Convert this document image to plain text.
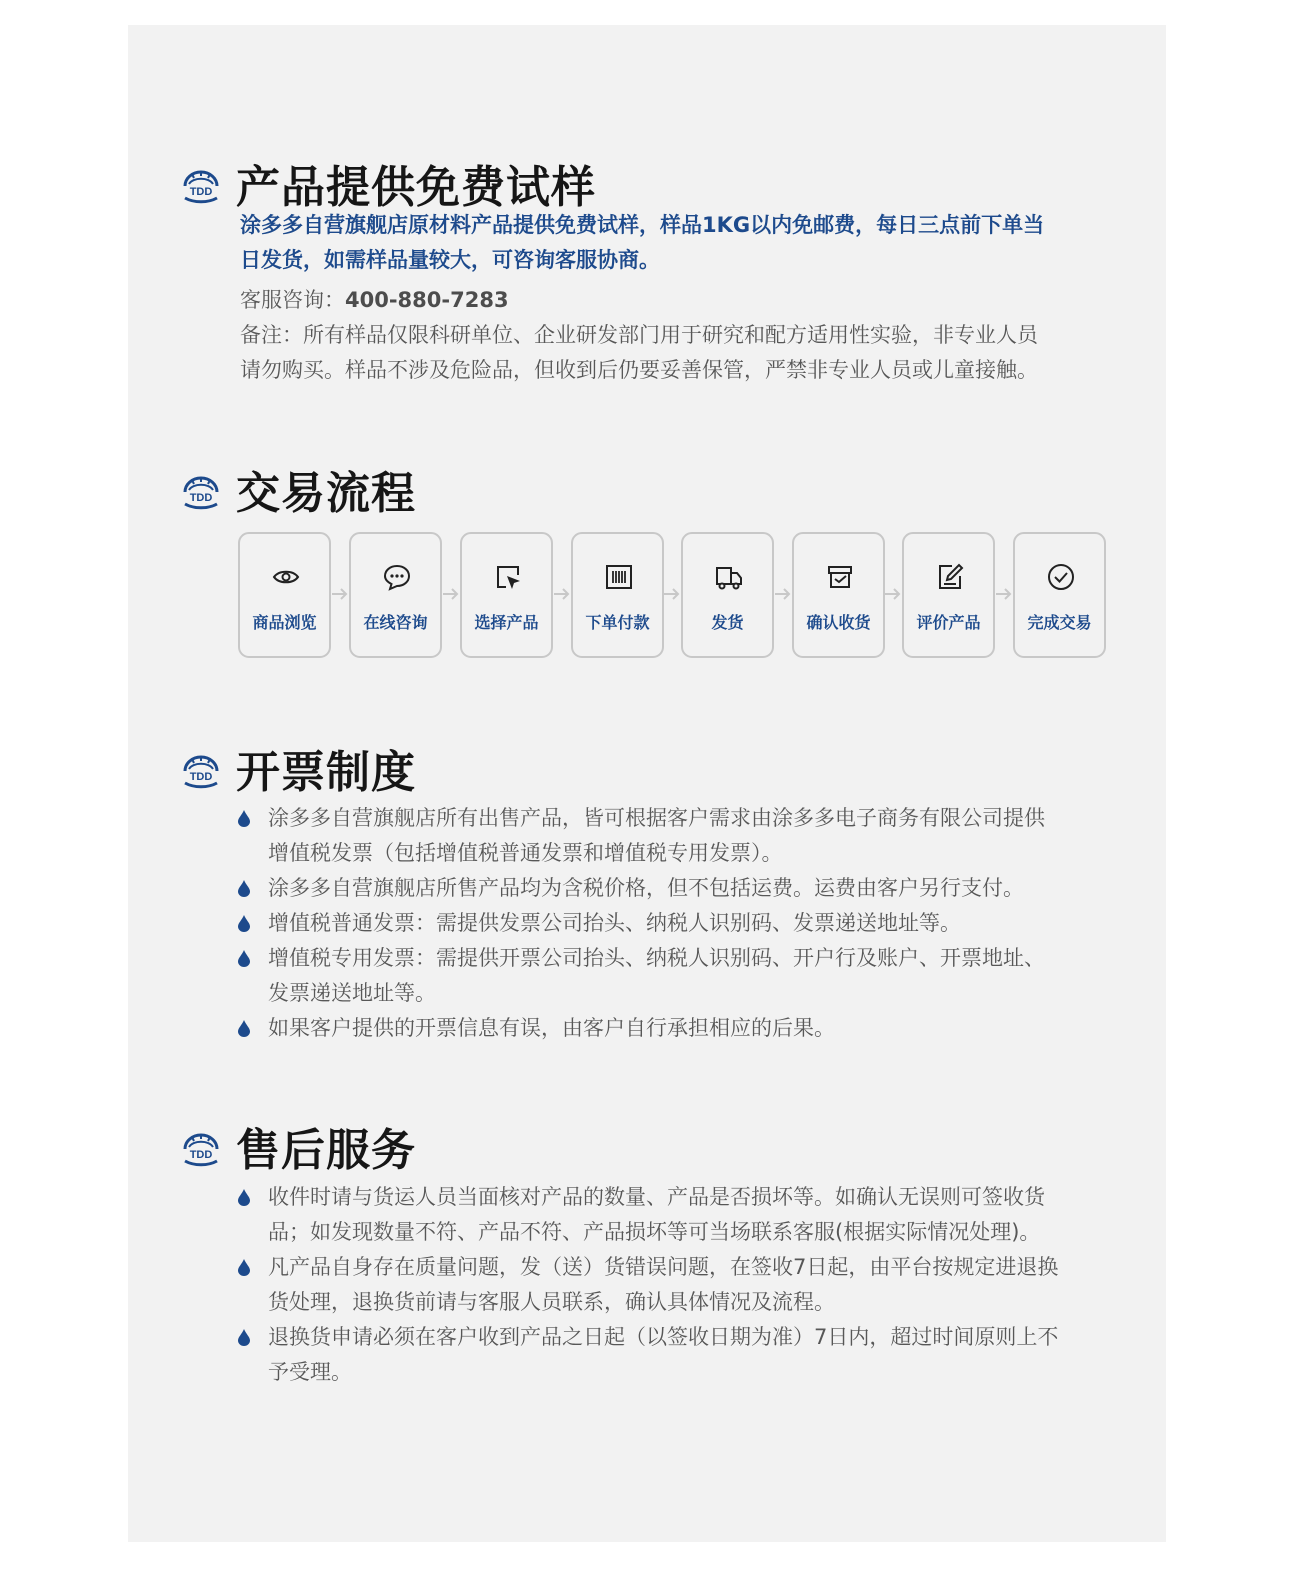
TDD 产品提供免费试样
涂多多自营旗舰店原材料产品提供免费试样，样品1KG以内免邮费，每日三点前下单当
日发货，如需样品量较大，可咨询客服协商。
客服咨询：400-880-7283
备注：所有样品仅限科研单位、企业研发部门用于研究和配方适用性实验，非专业人员
请勿购买。样品不涉及危险品，但收到后仍要妥善保管，严禁非专业人员或儿童接触。
TDD 交易流程
商品浏览	在线咨询	选择产品	下单付款	发货	确认收货	评价产品	完成交易
TDD 开票制度
涂多多自营旗舰店所有出售产品，皆可根据客户需求由涂多多电子商务有限公司提供
增值税发票（包括增值税普通发票和增值税专用发票）。
涂多多自营旗舰店所售产品均为含税价格，但不包括运费。运费由客户另行支付。
增值税普通发票：需提供发票公司抬头、纳税人识别码、发票递送地址等。
增值税专用发票：需提供开票公司抬头、纳税人识别码、开户行及账户、开票地址、
发票递送地址等。
如果客户提供的开票信息有误，由客户自行承担相应的后果。
TDD 售后服务
收件时请与货运人员当面核对产品的数量、产品是否损坏等。如确认无误则可签收货
品；如发现数量不符、产品不符、产品损坏等可当场联系客服(根据实际情况处理)。
凡产品自身存在质量问题，发（送）货错误问题，在签收7日起，由平台按规定进退换
货处理，退换货前请与客服人员联系，确认具体情况及流程。
退换货申请必须在客户收到产品之日起（以签收日期为准）7日内，超过时间原则上不
予受理。
